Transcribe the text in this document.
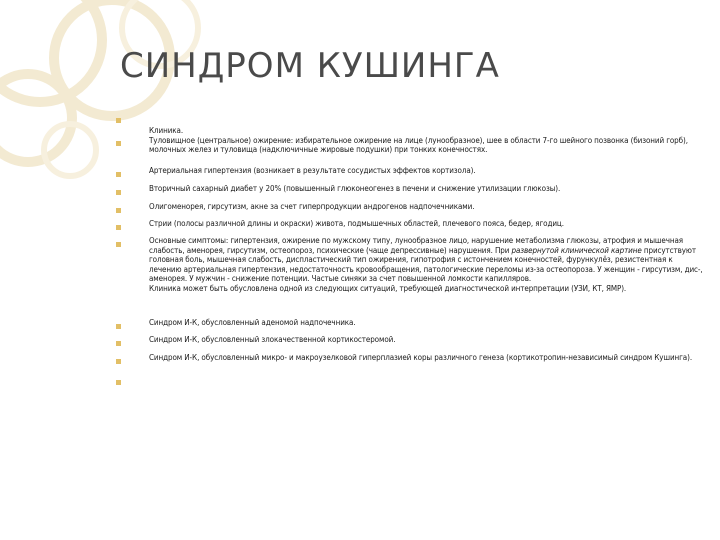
СИНДРОМ КУШИНГА

Клиника.

Туловищное (центральное) ожирение: избирательное ожирение на лице (лунообразное), шее в области 7-го шейного позвонка (бизоний горб), молочных желез и туловища (надключичные жировые подушки) при тонких конечностях.

Артериальная гипертензия (возникает в результате сосудистых эффектов кортизола).
Вторичный сахарный диабет у 20% (повышенный глюконеогенез в печени и снижение утилизации глюкозы).
Олигоменорея, гирсутизм, акне за счет гиперпродукции андрогенов надпочечниками.
Стрии (полосы различной длины и окраски) живота, подмышечных областей, плечевого пояса, бедер, ягодиц.

Основные симптомы: гипертензия, ожирение по мужскому типу, лунообразное лицо, нарушение метаболизма глюкозы, атрофия и мышечная слабость, аменорея, гирсутизм, остеопороз, психические (чаще депрессивные) нарушения. При развернутой клинической картине присутствуют головная боль, мышечная слабость, диспластический тип ожирения, гипотрофия с истончением конечностей, фурункулёз, резистентная к лечению артериальная гипертензия, недостаточность кровообращения, патологические переломы из-за остеопороза. У женщин - гирсутизм, дис-, аменорея. У мужчин - снижение потенции. Частые синяки за счет повышенной ломкости капилляров.

Клиника может быть обусловлена одной из следующих ситуаций, требующей диагностической интерпретации (УЗИ, КТ, ЯМР).

Синдром И-К, обусловленный аденомой надпочечника.
Синдром И-К, обусловленный злокачественной кортикостеромой.
Синдром И-К, обусловленный микро- и макроузелковой гиперплазией коры различного генеза (кортикотропин-независимый синдром Кушинга).
